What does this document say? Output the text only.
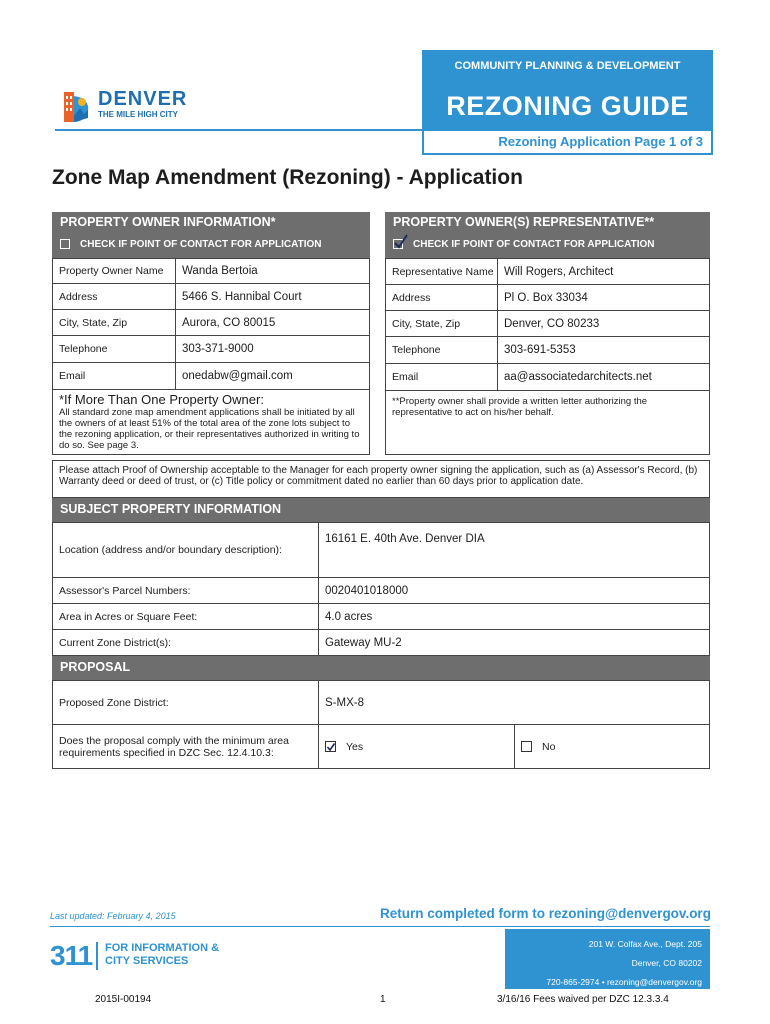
COMMUNITY PLANNING & DEVELOPMENT
REZONING GUIDE
Rezoning Application Page 1 of 3
DENVER
THE MILE HIGH CITY
Zone Map Amendment (Rezoning) - Application
PROPERTY OWNER INFORMATION*
CHECK IF POINT OF CONTACT FOR APPLICATION
Property Owner Name	Wanda Bertoia
Address	5466 S. Hannibal Court
City, State, Zip	Aurora, CO 80015
Telephone	303-371-9000
Email	onedabw@gmail.com
*If More Than One Property Owner:
All standard zone map amendment applications shall be initiated by all the owners of at least 51% of the total area of the zone lots subject to the rezoning application, or their representatives authorized in writing to do so. See page 3.
PROPERTY OWNER(S) REPRESENTATIVE**
CHECK IF POINT OF CONTACT FOR APPLICATION
Representative Name Will Rogers, Architect
Address	Pl O. Box 33034
City, State, Zip	Denver, CO 80233
Telephone	303-691-5353
Email	aa@associatedarchitects.net
**Property owner shall provide a written letter authorizing the representative to act on his/her behalf.
Please attach Proof of Ownership acceptable to the Manager for each property owner signing the application, such as (a) Assessor's Record, (b) Warranty deed or deed of trust, or (c) Title policy or commitment dated no earlier than 60 days prior to application date.
SUBJECT PROPERTY INFORMATION
Location (address and/or boundary description):
16161 E. 40th Ave. Denver DIA
Assessor's Parcel Numbers:	0020401018000
Area in Acres or Square Feet:	4.0 acres
Current Zone District(s):	Gateway MU-2
PROPOSAL
Proposed Zone District:	S-MX-8
Does the proposal comply with the minimum area requirements specified in DZC Sec. 12.4.10.3:	Yes	No
Last updated: February 4, 2015	Return completed form to rezoning@denvergov.org
311 FOR INFORMATION &
CITY SERVICES
201 W. Colfax Ave., Dept. 205
Denver, CO 80202
720-865-2974 • rezoning@denvergov.org
2015I-00194	1	3/16/16 Fees waived per DZC 12.3.3.4
